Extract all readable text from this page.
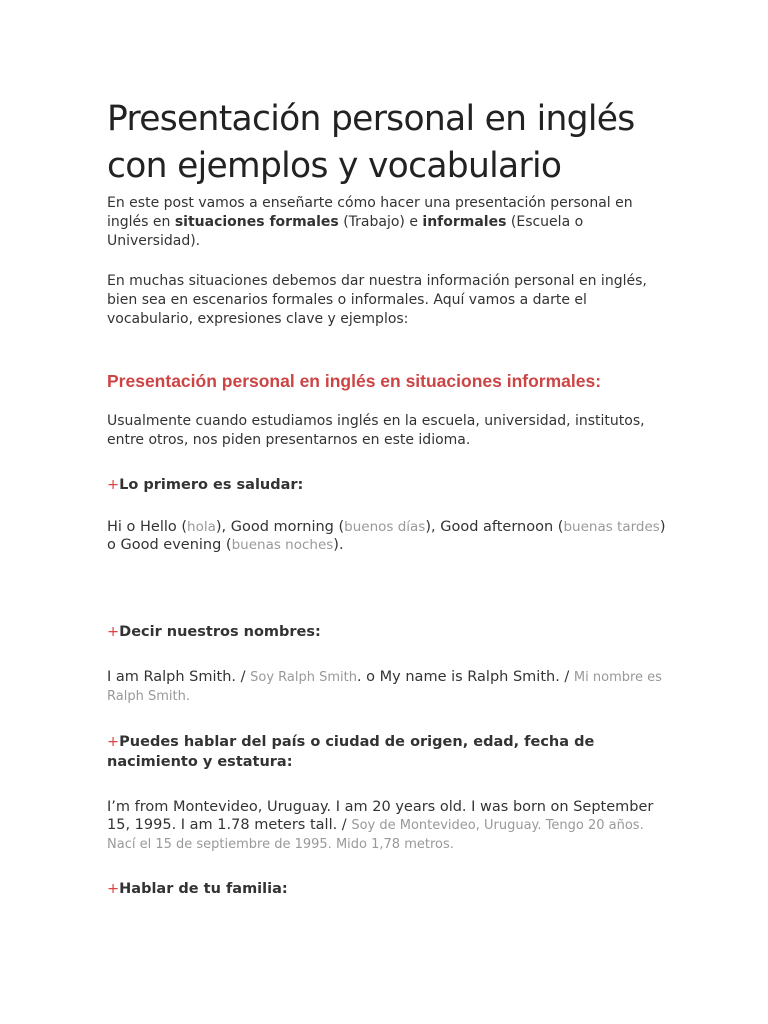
Presentación personal en inglés con ejemplos y vocabulario

En este post vamos a enseñarte cómo hacer una presentación personal en inglés en situaciones formales (Trabajo) e informales (Escuela o Universidad).

En muchas situaciones debemos dar nuestra información personal en inglés, bien sea en escenarios formales o informales. Aquí vamos a darte el vocabulario, expresiones clave y ejemplos:

Presentación personal en inglés en situaciones informales:

Usualmente cuando estudiamos inglés en la escuela, universidad, institutos, entre otros, nos piden presentarnos en este idioma.

+Lo primero es saludar:

Hi o Hello (hola), Good morning (buenos días), Good afternoon (buenas tardes) o Good evening (buenas noches).

+Decir nuestros nombres:

I am Ralph Smith. / Soy Ralph Smith. o My name is Ralph Smith. / Mi nombre es Ralph Smith.

+Puedes hablar del país o ciudad de origen, edad, fecha de nacimiento y estatura:

I’m from Montevideo, Uruguay. I am 20 years old. I was born on September 15, 1995. I am 1.78 meters tall. / Soy de Montevideo, Uruguay. Tengo 20 años. Nací el 15 de septiembre de 1995. Mido 1,78 metros.

+Hablar de tu familia:
